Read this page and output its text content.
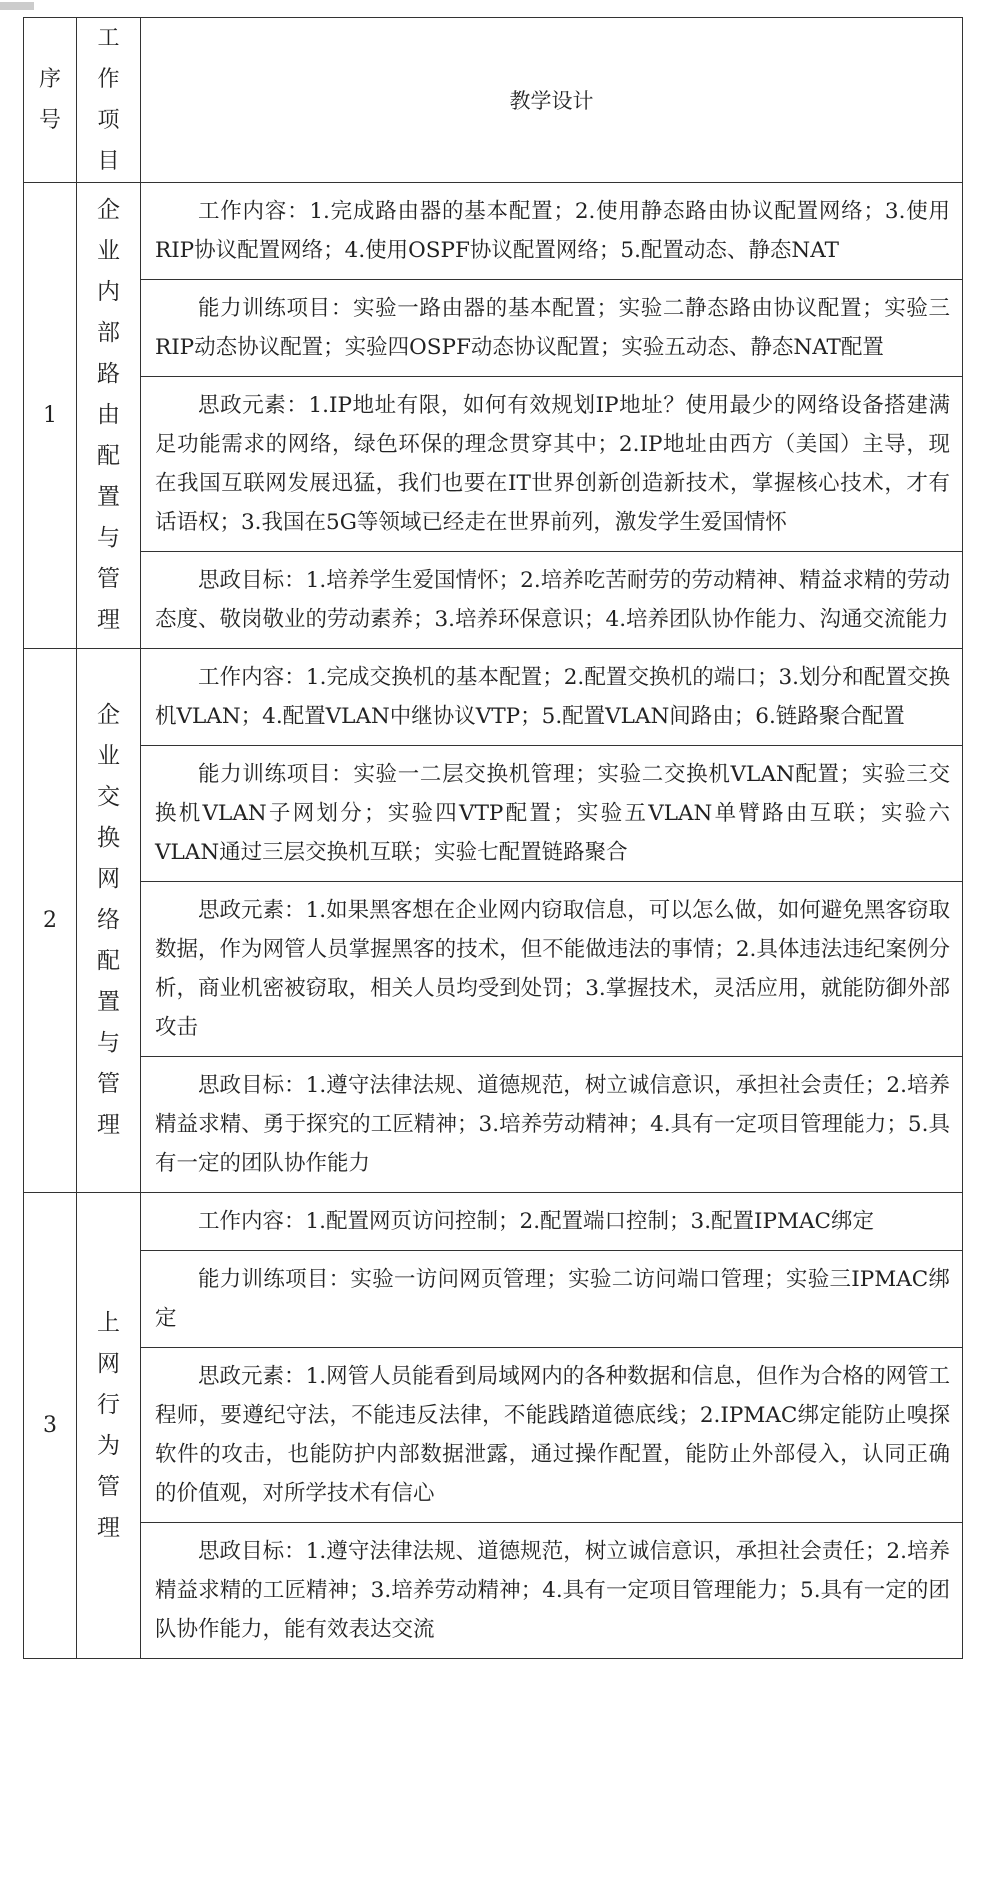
序号	工作项目	教学设计
1	企业内部路由配置与管理	工作内容：1.完成路由器的基本配置；2.使用静态路由协议配置网络；3.使用RIP协议配置网络；4.使用OSPF协议配置网络；5.配置动态、静态NAT
		能力训练项目：实验一路由器的基本配置；实验二静态路由协议配置；实验三RIP动态协议配置；实验四OSPF动态协议配置；实验五动态、静态NAT配置
		思政元素：1.IP地址有限，如何有效规划IP地址？使用最少的网络设备搭建满足功能需求的网络，绿色环保的理念贯穿其中；2.IP地址由西方（美国）主导，现在我国互联网发展迅猛，我们也要在IT世界创新创造新技术，掌握核心技术，才有话语权；3.我国在5G等领域已经走在世界前列，激发学生爱国情怀
		思政目标：1.培养学生爱国情怀；2.培养吃苦耐劳的劳动精神、精益求精的劳动态度、敬岗敬业的劳动素养；3.培养环保意识；4.培养团队协作能力、沟通交流能力
2	企业交换网络配置与管理	工作内容：1.完成交换机的基本配置；2.配置交换机的端口；3.划分和配置交换机VLAN；4.配置VLAN中继协议VTP；5.配置VLAN间路由；6.链路聚合配置
		能力训练项目：实验一二层交换机管理；实验二交换机VLAN配置；实验三交换机VLAN子网划分；实验四VTP配置；实验五VLAN单臂路由互联；实验六VLAN通过三层交换机互联；实验七配置链路聚合
		思政元素：1.如果黑客想在企业网内窃取信息，可以怎么做，如何避免黑客窃取数据，作为网管人员掌握黑客的技术，但不能做违法的事情；2.具体违法违纪案例分析，商业机密被窃取，相关人员均受到处罚；3.掌握技术，灵活应用，就能防御外部攻击
		思政目标：1.遵守法律法规、道德规范，树立诚信意识，承担社会责任；2.培养精益求精、勇于探究的工匠精神；3.培养劳动精神；4.具有一定项目管理能力；5.具有一定的团队协作能力
3	上网行为管理	工作内容：1.配置网页访问控制；2.配置端口控制；3.配置IPMAC绑定
		能力训练项目：实验一访问网页管理；实验二访问端口管理；实验三IPMAC绑定
		思政元素：1.网管人员能看到局域网内的各种数据和信息，但作为合格的网管工程师，要遵纪守法，不能违反法律，不能践踏道德底线；2.IPMAC绑定能防止嗅探软件的攻击，也能防护内部数据泄露，通过操作配置，能防止外部侵入，认同正确的价值观，对所学技术有信心
		思政目标：1.遵守法律法规、道德规范，树立诚信意识，承担社会责任；2.培养精益求精的工匠精神；3.培养劳动精神；4.具有一定项目管理能力；5.具有一定的团队协作能力，能有效表达交流
